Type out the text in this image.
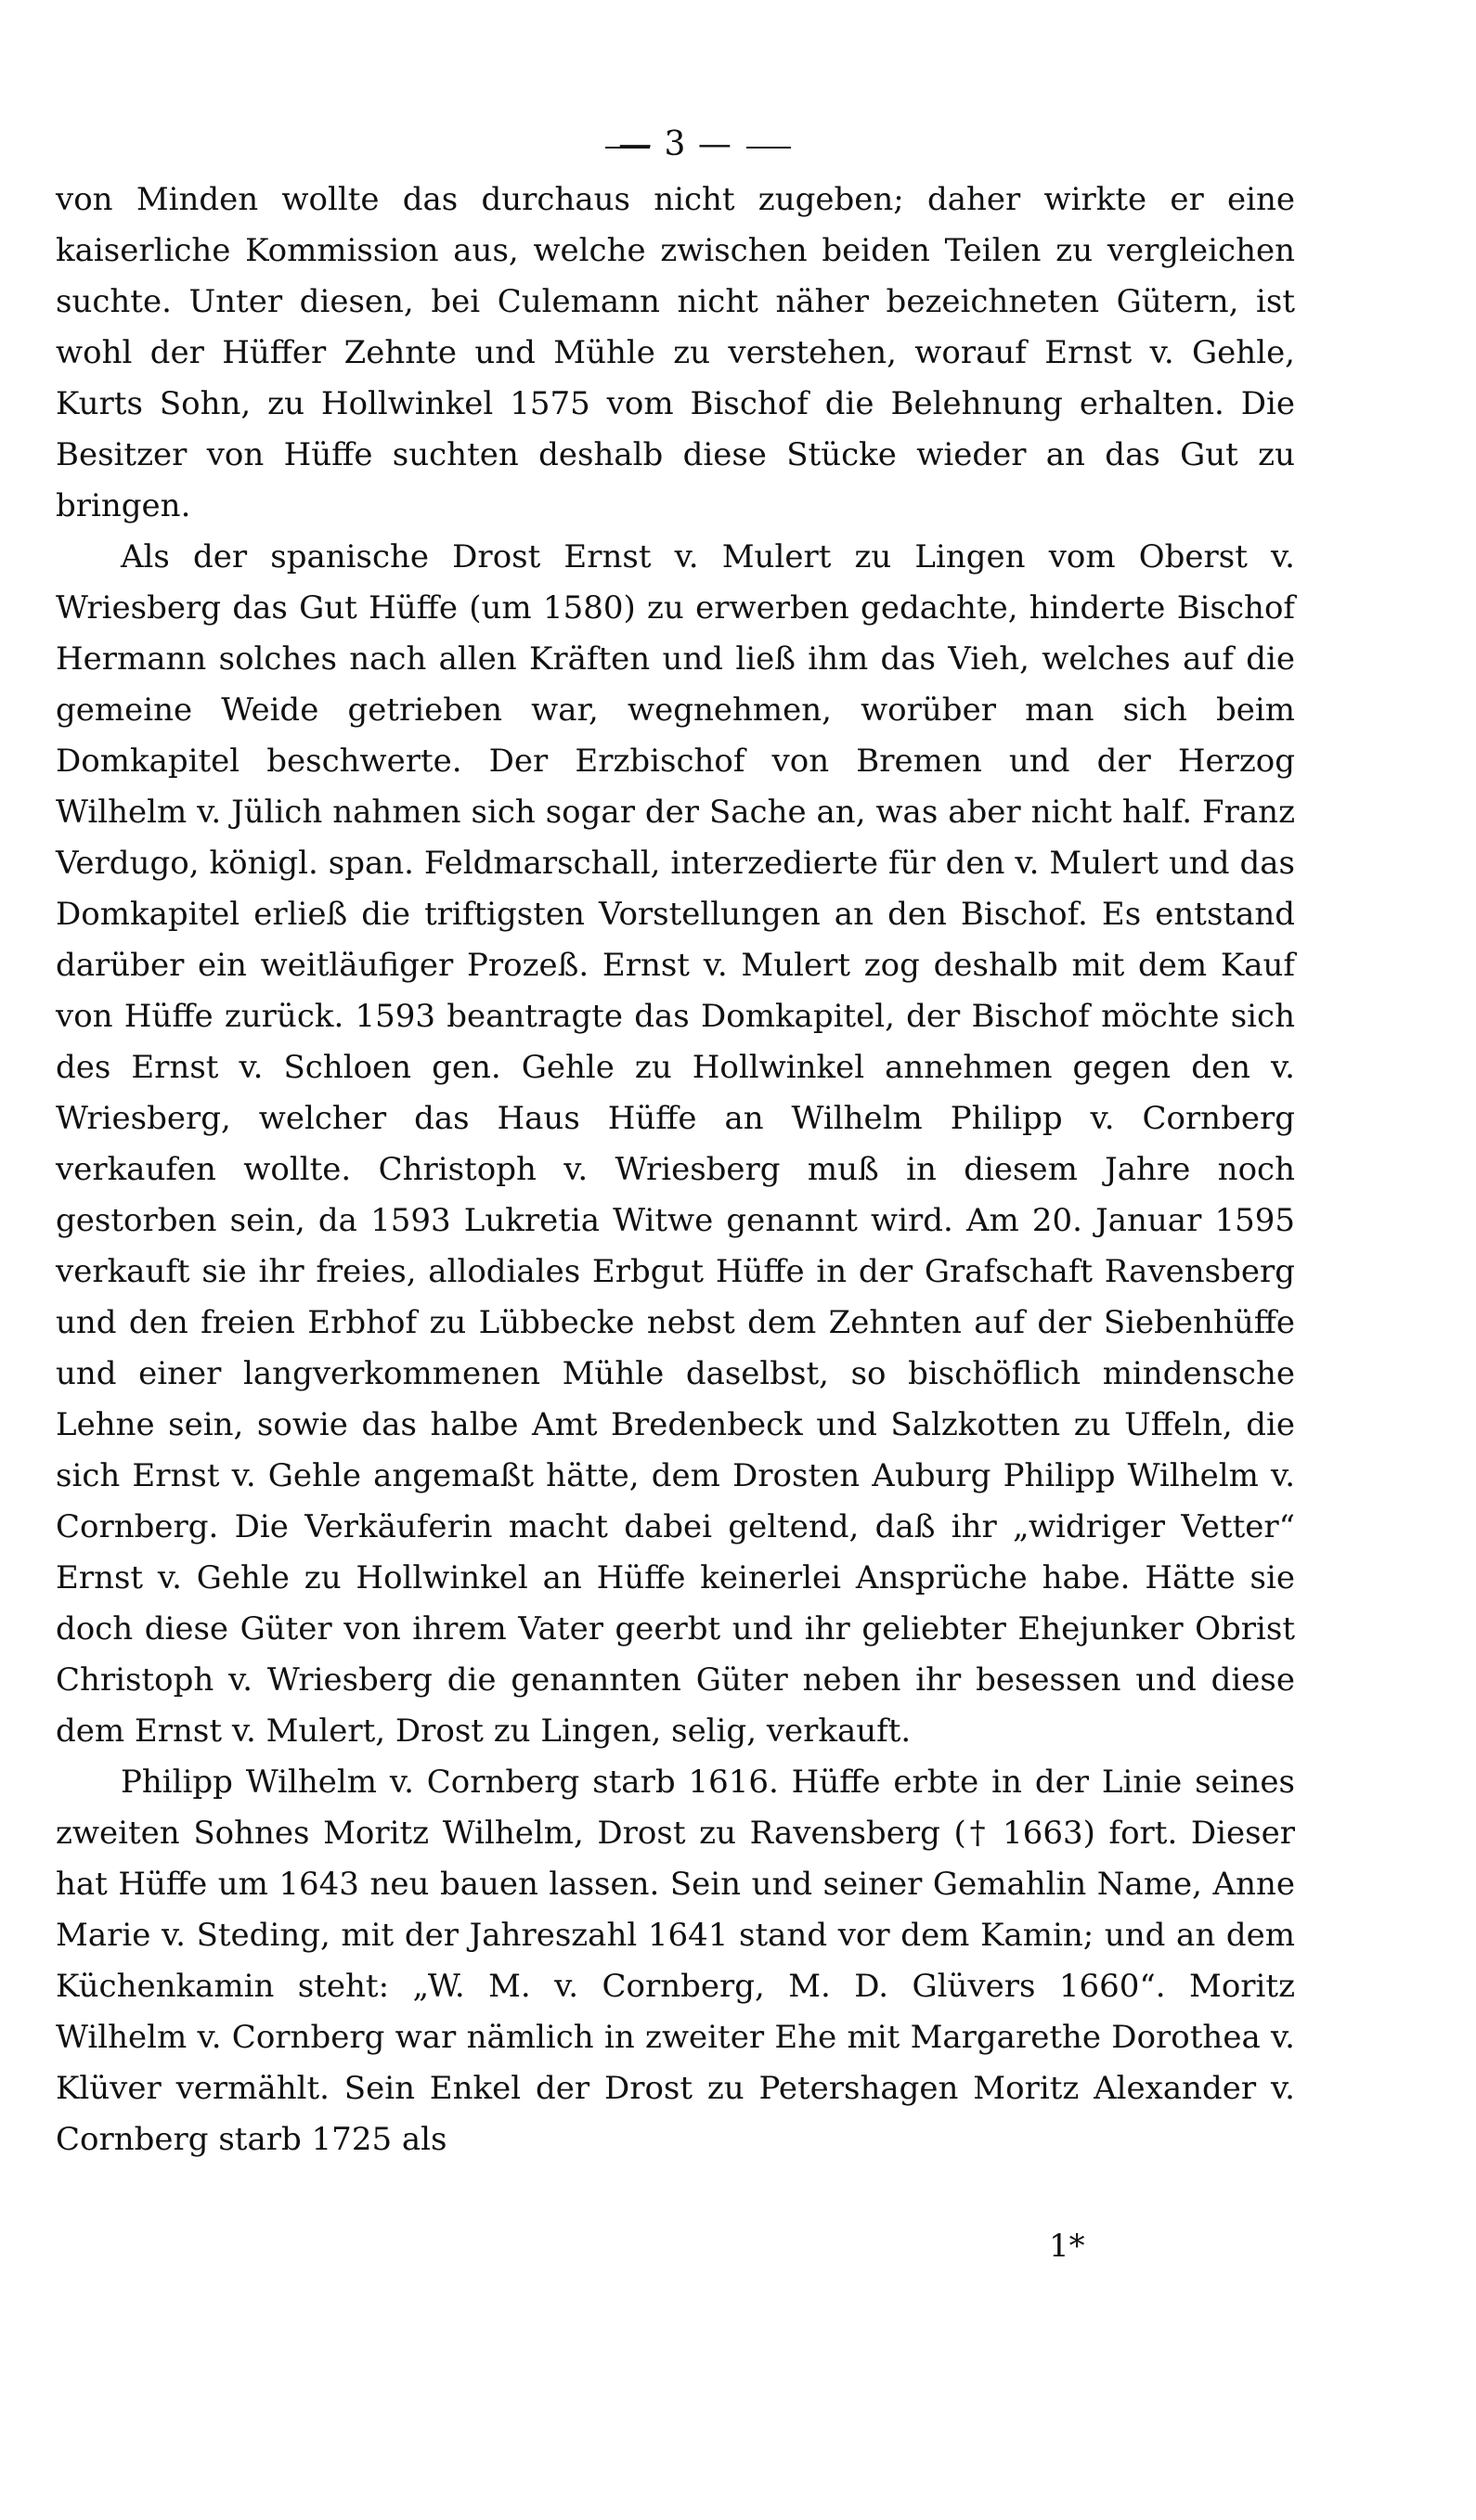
— 3 —

von Minden wollte das durchaus nicht zugeben; daher wirkte er eine kaiserliche Kommission aus, welche zwischen beiden Teilen zu vergleichen suchte. Unter diesen, bei Culemann nicht näher bezeichneten Gütern, ist wohl der Hüffer Zehnte und Mühle zu verstehen, worauf Ernst v. Gehle, Kurts Sohn, zu Hollwinkel 1575 vom Bischof die Belehnung erhalten. Die Besitzer von Hüffe suchten deshalb diese Stücke wieder an das Gut zu bringen.

Als der spanische Drost Ernst v. Mulert zu Lingen vom Oberst v. Wriesberg das Gut Hüffe (um 1580) zu erwerben gedachte, hinderte Bischof Hermann solches nach allen Kräften und ließ ihm das Vieh, welches auf die gemeine Weide getrieben war, wegnehmen, worüber man sich beim Domkapitel beschwerte. Der Erzbischof von Bremen und der Herzog Wilhelm v. Jülich nahmen sich sogar der Sache an, was aber nicht half. Franz Verdugo, königl. span. Feldmarschall, interzedierte für den v. Mulert und das Domkapitel erließ die triftigsten Vorstellungen an den Bischof. Es entstand darüber ein weitläufiger Prozeß. Ernst v. Mulert zog deshalb mit dem Kauf von Hüffe zurück. 1593 beantragte das Domkapitel, der Bischof möchte sich des Ernst v. Schloen gen. Gehle zu Hollwinkel annehmen gegen den v. Wriesberg, welcher das Haus Hüffe an Wilhelm Philipp v. Cornberg verkaufen wollte. Christoph v. Wriesberg muß in diesem Jahre noch gestorben sein, da 1593 Lukretia Witwe genannt wird. Am 20. Januar 1595 verkauft sie ihr freies, allodiales Erbgut Hüffe in der Grafschaft Ravensberg und den freien Erbhof zu Lübbecke nebst dem Zehnten auf der Siebenhüffe und einer langverkommenen Mühle daselbst, so bischöflich mindensche Lehne sein, sowie das halbe Amt Bredenbeck und Salzkotten zu Uffeln, die sich Ernst v. Gehle angemaßt hätte, dem Drosten Auburg Philipp Wilhelm v. Cornberg. Die Verkäuferin macht dabei geltend, daß ihr „widriger Vetter“ Ernst v. Gehle zu Hollwinkel an Hüffe keinerlei Ansprüche habe. Hätte sie doch diese Güter von ihrem Vater geerbt und ihr geliebter Ehejunker Obrist Christoph v. Wriesberg die genannten Güter neben ihr besessen und diese dem Ernst v. Mulert, Drost zu Lingen, selig, verkauft.

Philipp Wilhelm v. Cornberg starb 1616. Hüffe erbte in der Linie seines zweiten Sohnes Moritz Wilhelm, Drost zu Ravensberg († 1663) fort. Dieser hat Hüffe um 1643 neu bauen lassen. Sein und seiner Gemahlin Name, Anne Marie v. Steding, mit der Jahreszahl 1641 stand vor dem Kamin; und an dem Küchenkamin steht: „W. M. v. Cornberg, M. D. Glüvers 1660“. Moritz Wilhelm v. Cornberg war nämlich in zweiter Ehe mit Margarethe Dorothea v. Klüver vermählt. Sein Enkel der Drost zu Petershagen Moritz Alexander v. Cornberg starb 1725 als

1*
